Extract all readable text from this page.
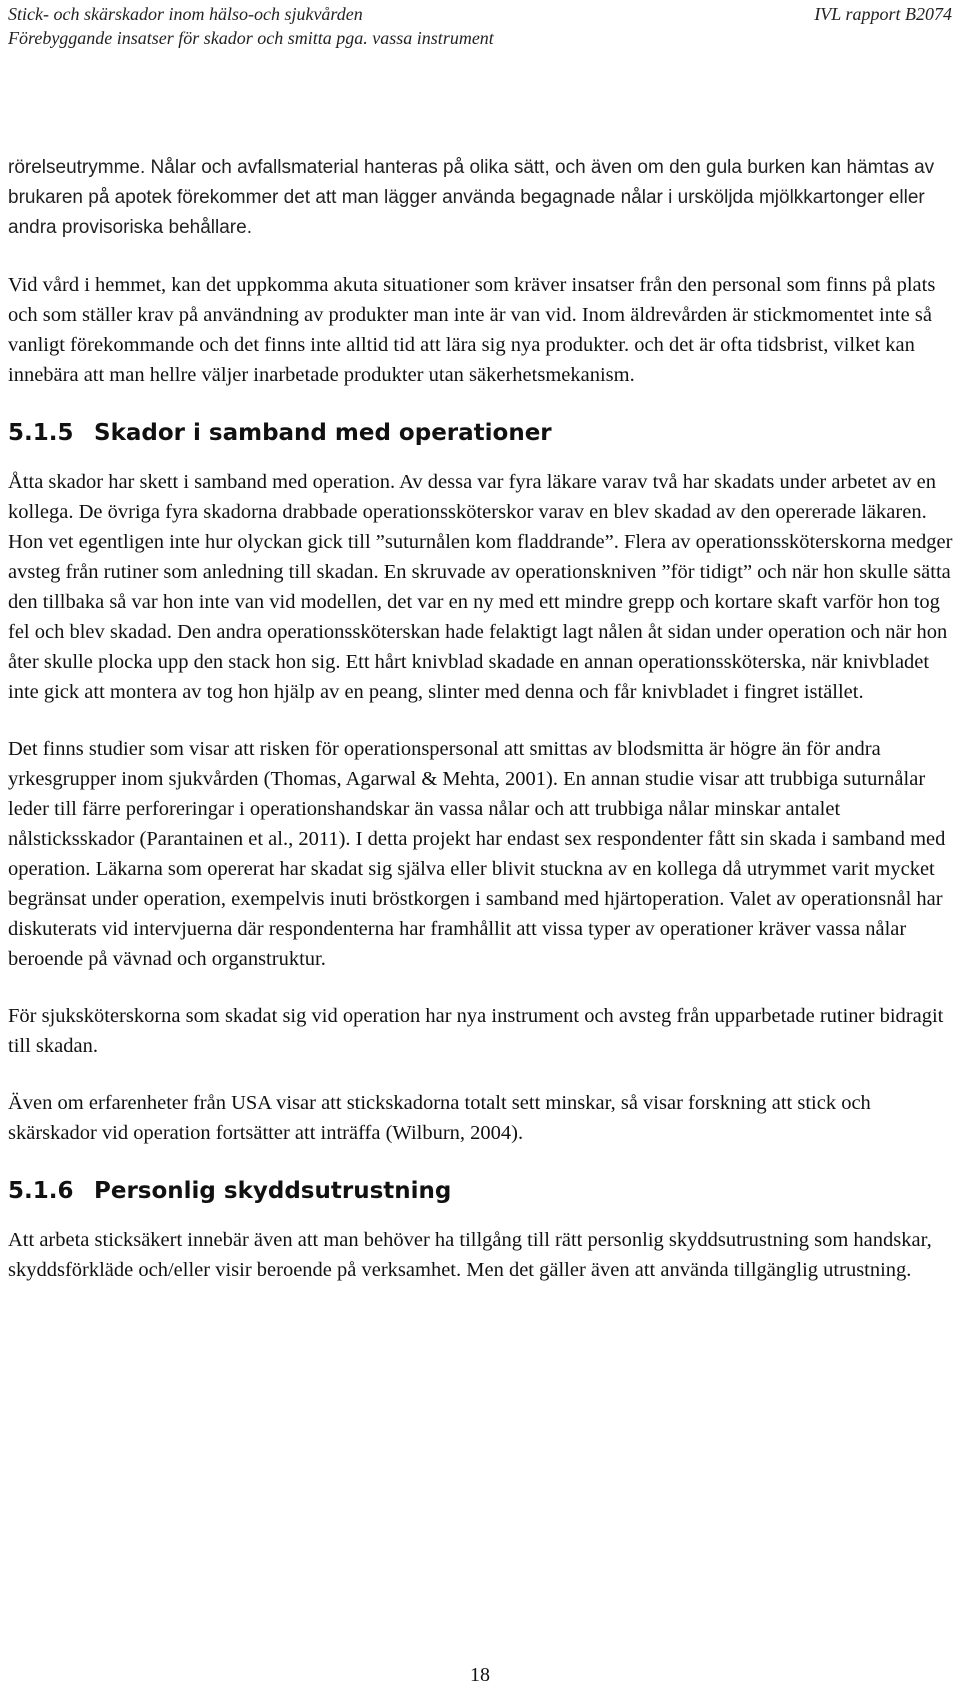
Stick- och skärskador inom hälso-och sjukvården
Förebyggande insatser för skador och smitta pga. vassa instrument
IVL rapport B2074

rörelseutrymme. Nålar och avfallsmaterial hanteras på olika sätt, och även om den gula burken kan hämtas av brukaren på apotek förekommer det att man lägger använda begagnade nålar i ursköljda mjölkkartonger eller andra provisoriska behållare.

Vid vård i hemmet, kan det uppkomma akuta situationer som kräver insatser från den personal som finns på plats och som ställer krav på användning av produkter man inte är van vid. Inom äldrevården är stickmomentet inte så vanligt förekommande och det finns inte alltid tid att lära sig nya produkter. och det är ofta tidsbrist, vilket kan innebära att man hellre väljer inarbetade produkter utan säkerhetsmekanism.

5.1.5 Skador i samband med operationer

Åtta skador har skett i samband med operation. Av dessa var fyra läkare varav två har skadats under arbetet av en kollega. De övriga fyra skadorna drabbade operationssköterskor varav en blev skadad av den opererade läkaren. Hon vet egentligen inte hur olyckan gick till ”suturnålen kom fladdrande”. Flera av operationssköterskorna medger avsteg från rutiner som anledning till skadan. En skruvade av operationskniven ”för tidigt” och när hon skulle sätta den tillbaka så var hon inte van vid modellen, det var en ny med ett mindre grepp och kortare skaft varför hon tog fel och blev skadad. Den andra operationssköterskan hade felaktigt lagt nålen åt sidan under operation och när hon åter skulle plocka upp den stack hon sig. Ett hårt knivblad skadade en annan operationssköterska, när knivbladet inte gick att montera av tog hon hjälp av en peang, slinter med denna och får knivbladet i fingret istället.

Det finns studier som visar att risken för operationspersonal att smittas av blodsmitta är högre än för andra yrkesgrupper inom sjukvården (Thomas, Agarwal & Mehta, 2001). En annan studie visar att trubbiga suturnålar leder till färre perforeringar i operationshandskar än vassa nålar och att trubbiga nålar minskar antalet nålsticksskador (Parantainen et al., 2011). I detta projekt har endast sex respondenter fått sin skada i samband med operation. Läkarna som opererat har skadat sig själva eller blivit stuckna av en kollega då utrymmet varit mycket begränsat under operation, exempelvis inuti bröstkorgen i samband med hjärtoperation. Valet av operationsnål har diskuterats vid intervjuerna där respondenterna har framhållit att vissa typer av operationer kräver vassa nålar beroende på vävnad och organstruktur.

För sjuksköterskorna som skadat sig vid operation har nya instrument och avsteg från upparbetade rutiner bidragit till skadan.

Även om erfarenheter från USA visar att stickskadorna totalt sett minskar, så visar forskning att stick och skärskador vid operation fortsätter att inträffa (Wilburn, 2004).

5.1.6 Personlig skyddsutrustning

Att arbeta sticksäkert innebär även att man behöver ha tillgång till rätt personlig skyddsutrustning som handskar, skyddsförkläde och/eller visir beroende på verksamhet. Men det gäller även att använda tillgänglig utrustning.

18
